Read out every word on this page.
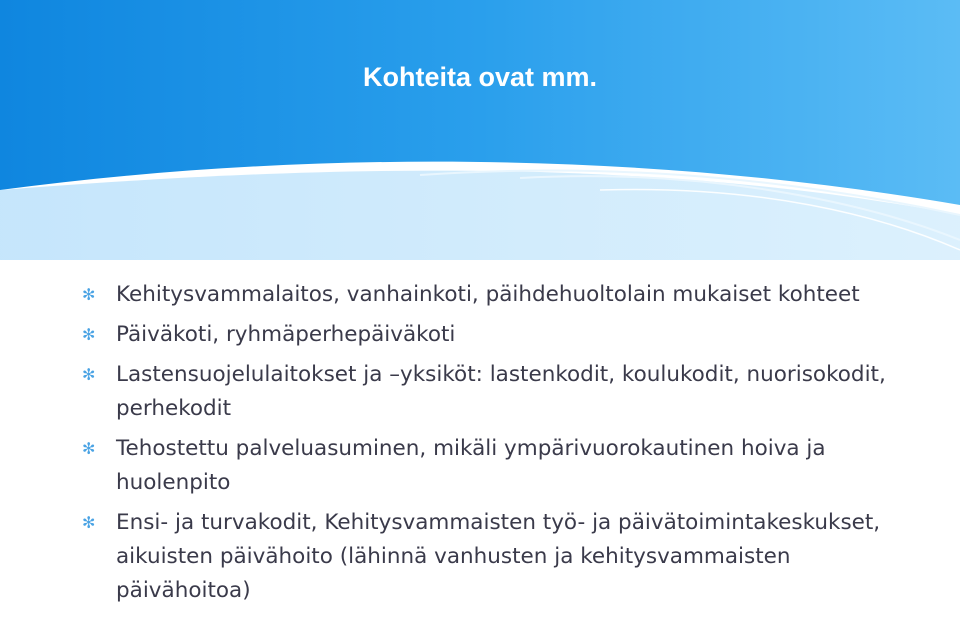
Kohteita ovat mm.
✻ Kehitysvammalaitos, vanhainkoti, päihdehuoltolain mukaiset kohteet
✻ Päiväkoti, ryhmäperhepäiväkoti
✻ Lastensuojelulaitokset ja –yksiköt: lastenkodit, koulukodit, nuorisokodit, perhekodit
✻ Tehostettu palveluasuminen, mikäli ympärivuorokautinen hoiva ja huolenpito
✻ Ensi- ja turvakodit, Kehitysvammaisten työ- ja päivätoimintakeskukset, aikuisten päivähoito (lähinnä vanhusten ja kehitysvammaisten päivähoitoa)
